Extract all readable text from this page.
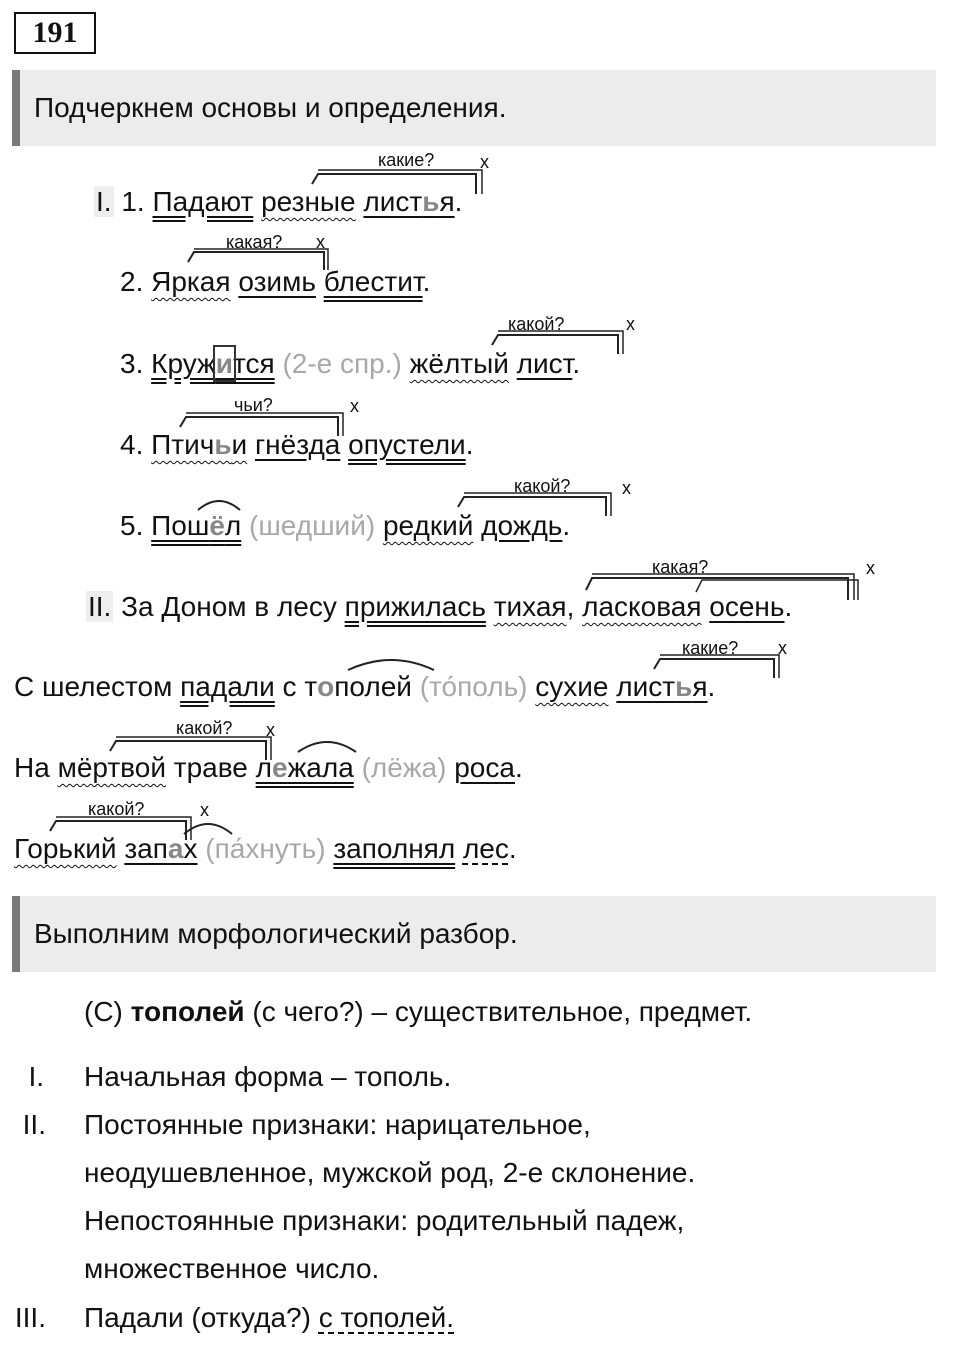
191
Подчеркнем основы и определения.
I. 1. Падают резные листья.
какие?	x
2. Яркая озимь блестит.
какая? x
3. Кружится (2-е спр.) жёлтый лист.
какой?	x
4. Птичьи гнёзда опустели.
чьи?	x
5. Пошёл (шедший) редкий дождь.
какой?	x
II. За Доном в лесу прижилась тихая, ласковая осень.
какая?	x
С шелестом падали с тополей (то́поль) сухие листья.
какие? x
На мёртвой траве лежала (лёжа) роса.
какой? x
Горький запах (па́хнуть) заполнял лес.
какой?	x
Выполним морфологический разбор.
(С) тополей (с чего?) – существительное, предмет.
I. Начальная форма – тополь.
II. Постоянные признаки: нарицательное,
неодушевленное, мужской род, 2-е склонение.
Непостоянные признаки: родительный падеж,
множественное число.
III. Падали (откуда?) с тополей.
